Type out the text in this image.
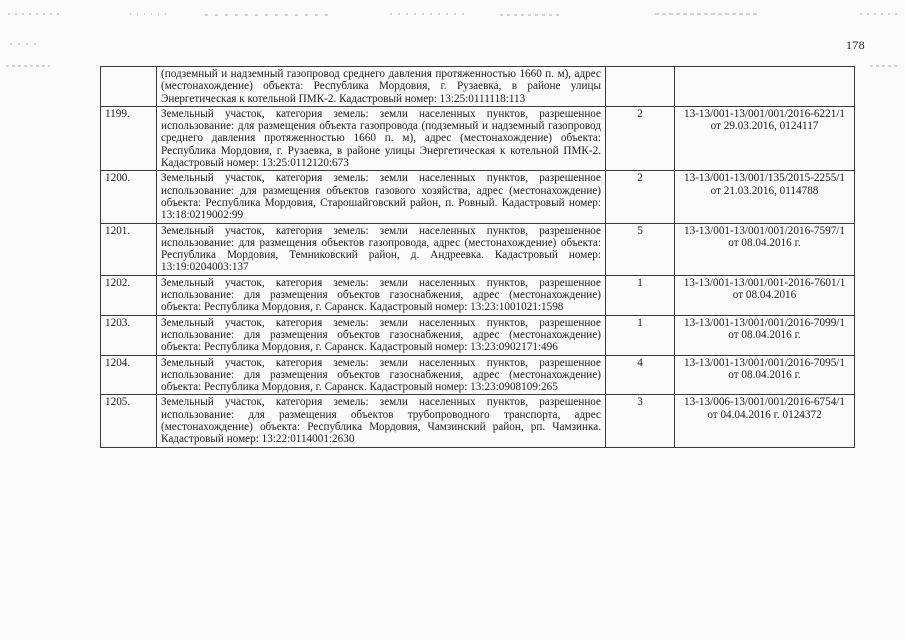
178
	(подземный и надземный газопровод среднего давления протяженностью 1660 п. м), адрес (местонахождение) объекта: Республика Мордовия, г. Рузаевка, в районе улицы Энергетическая к котельной ПМК-2. Кадастровый номер: 13:25:0111118:113		
1199.	Земельный участок, категория земель: земли населенных пунктов, разрешенное использование: для размещения объекта газопровода (подземный и надземный газопровод среднего давления протяженностью 1660 п. м), адрес (местонахождение) объекта: Республика Мордовия, г. Рузаевка, в районе улицы Энергетическая к котельной ПМК-2. Кадастровый номер: 13:25:0112120:673	2	13-13/001-13/001/001/2016-6221/1 от 29.03.2016, 0124117
1200.	Земельный участок, категория земель: земли населенных пунктов, разрешенное использование: для размещения объектов газового хозяйства, адрес (местонахождение) объекта: Республика Мордовия, Старошайговский район, п. Ровный. Кадастровый номер: 13:18:0219002:99	2	13-13/001-13/001/135/2015-2255/1 от 21.03.2016, 0114788
1201.	Земельный участок, категория земель: земли населенных пунктов, разрешенное использование: для размещения объектов газопровода, адрес (местонахождение) объекта: Республика Мордовия, Темниковский район, д. Андреевка. Кадастровый номер: 13:19:0204003:137	5	13-13/001-13/001/001/2016-7597/1 от 08.04.2016 г.
1202.	Земельный участок, категория земель: земли населенных пунктов, разрешенное использование: для размещения объектов газоснабжения, адрес (местонахождение) объекта: Республика Мордовия, г. Саранск. Кадастровый номер: 13:23:1001021:1598	1	13-13/001-13/001/001-2016-7601/1 от 08.04.2016
1203.	Земельный участок, категория земель: земли населенных пунктов, разрешенное использование: для размещения объектов газоснабжения, адрес (местонахождение) объекта: Республика Мордовия, г. Саранск. Кадастровый номер: 13:23:0902171:496	1	13-13/001-13/001/001/2016-7099/1 от 08.04.2016 г.
1204.	Земельный участок, категория земель: земли населенных пунктов, разрешенное использование: для размещения объектов газоснабжения, адрес (местонахождение) объекта: Республика Мордовия, г. Саранск. Кадастровый номер: 13:23:0908109:265	4	13-13/001-13/001/001/2016-7095/1 от 08.04.2016 г.
1205.	Земельный участок, категория земель: земли населенных пунктов, разрешенное использование: для размещения объектов трубопроводного транспорта, адрес (местонахождение) объекта: Республика Мордовия, Чамзинский район, рп. Чамзинка. Кадастровый номер: 13:22:0114001:2630	3	13-13/006-13/001/001/2016-6754/1 от 04.04.2016 г. 0124372
